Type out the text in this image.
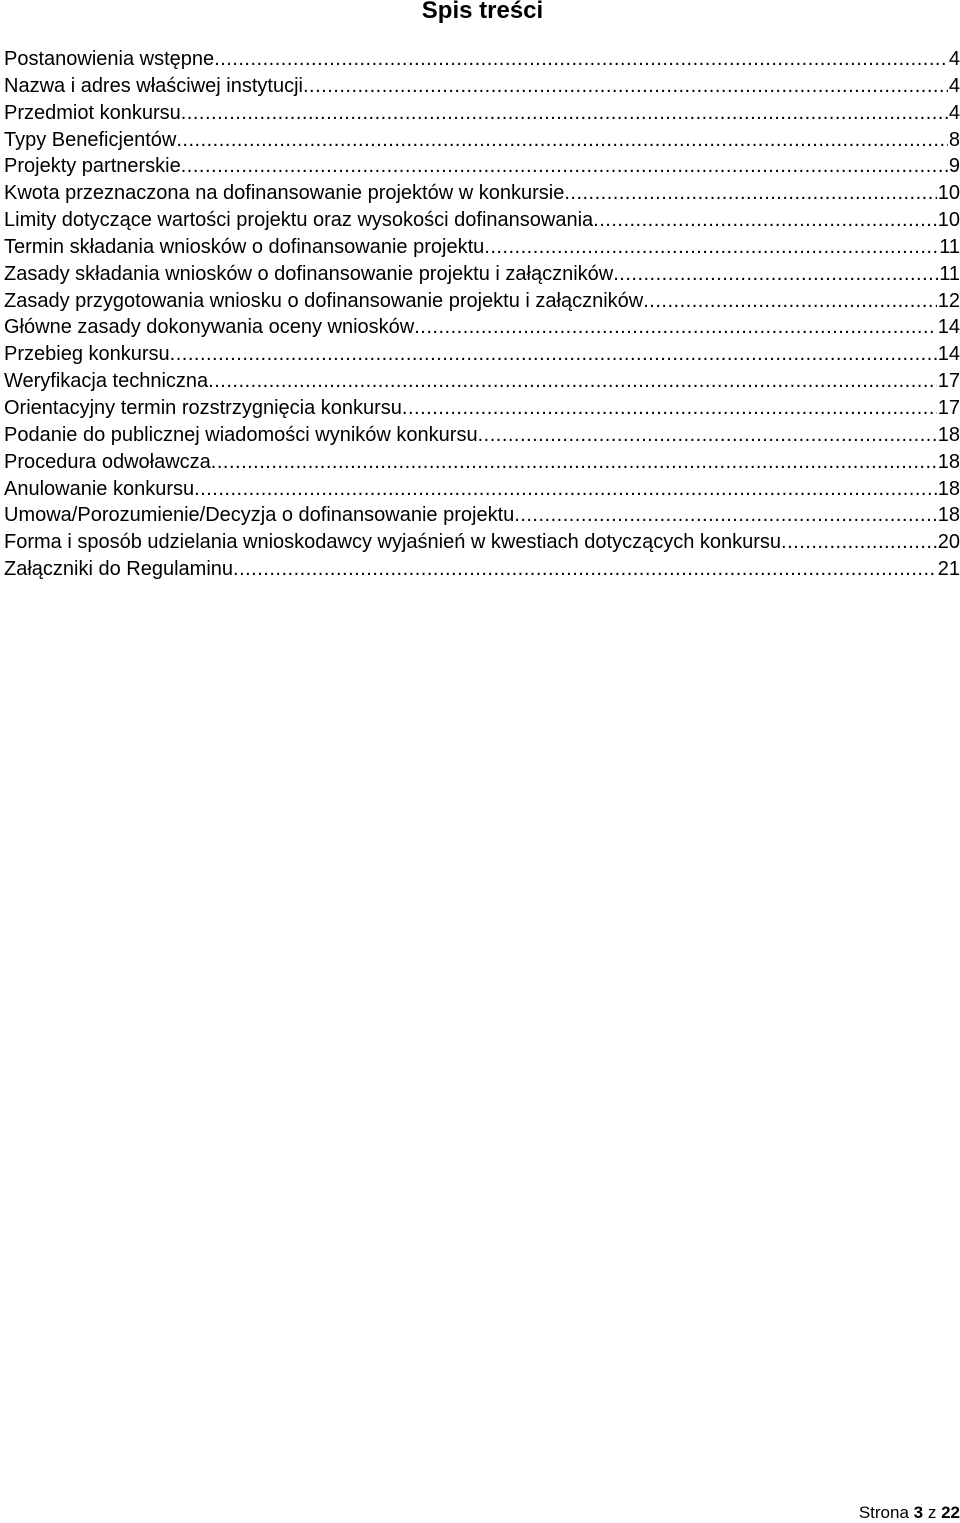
Spis treści
Postanowienia wstępne .....	4
Nazwa i adres właściwej instytucji .....	4
Przedmiot konkursu .....	4
Typy Beneficjentów .....	8
Projekty partnerskie .....	9
Kwota przeznaczona na dofinansowanie projektów w konkursie .....	10
Limity dotyczące wartości projektu oraz wysokości dofinansowania .....	10
Termin składania wniosków o dofinansowanie projektu .....	11
Zasady składania wniosków o dofinansowanie projektu i załączników .....	11
Zasady przygotowania wniosku o dofinansowanie projektu i załączników .....	12
Główne zasady dokonywania oceny wniosków .....	14
Przebieg konkursu .....	14
Weryfikacja techniczna .....	17
Orientacyjny termin rozstrzygnięcia konkursu .....	17
Podanie do publicznej wiadomości wyników konkursu .....	18
Procedura odwoławcza .....	18
Anulowanie konkursu .....	18
Umowa/Porozumienie/Decyzja o dofinansowanie projektu .....	18
Forma i sposób udzielania wnioskodawcy wyjaśnień w kwestiach dotyczących konkursu .....	20
Załączniki do Regulaminu .....	21
Strona 3 z 22
